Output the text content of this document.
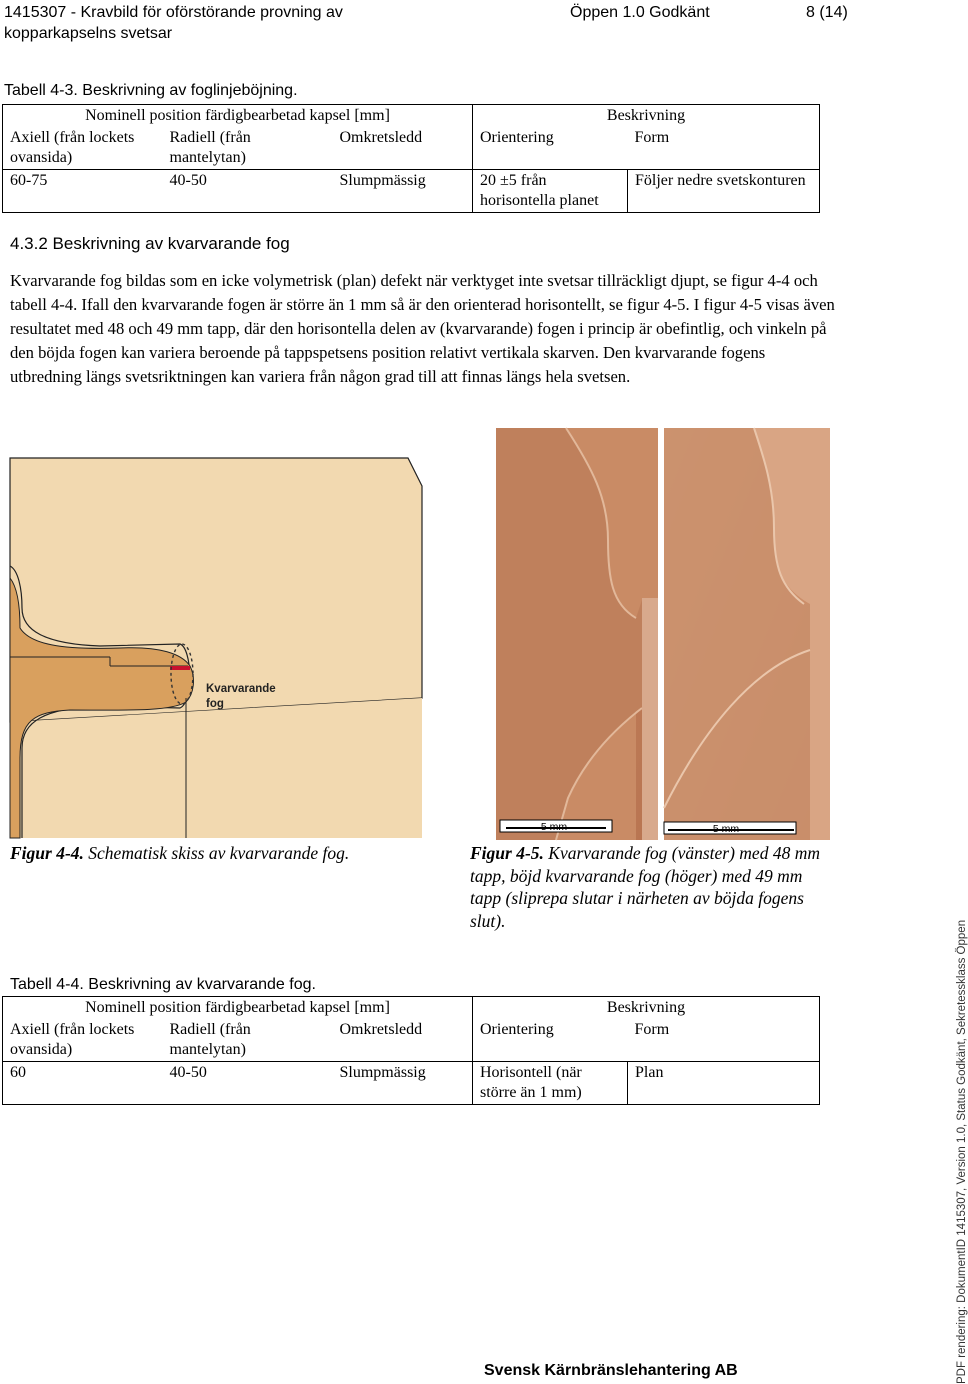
1415307 - Kravbild för oförstörande provning av
kopparkapselns svetsar
Öppen 1.0 Godkänt	8 (14)
Tabell 4-3. Beskrivning av foglinjeböjning.
Nominell position färdigbearbetad kapsel [mm]			Beskrivning	
Axiell (från lockets ovansida)	Radiell (från mantelytan)	Omkretsledd	Orientering	Form
60-75	40-50	Slumpmässig	20 ±5 från horisontella planet	Följer nedre svetskonturen
4.3.2 Beskrivning av kvarvarande fog
Kvarvarande fog bildas som en icke volymetrisk (plan) defekt när verktyget inte svetsar tillräckligt djupt, se figur 4-4 och tabell 4-4. Ifall den kvarvarande fogen är större än 1 mm så är den orienterad horisontellt, se figur 4-5. I figur 4-5 visas även resultatet med 48 och 49 mm tapp, där den horisontella delen av (kvarvarande) fogen i princip är obefintlig, och vinkeln på den böjda fogen kan variera beroende på tappspetsens position relativt vertikala skarven. Den kvarvarande fogens utbredning längs svetsriktningen kan variera från någon grad till att finnas längs hela svetsen.
Kvarvarande
fog
5 mm	5 mm
Figur 4-4. Schematisk skiss av kvarvarande fog.	Figur 4-5. Kvarvarande fog (vänster) med 48 mm tapp, böjd kvarvarande fog (höger) med 49 mm tapp (sliprepa slutar i närheten av böjda fogens slut).
Tabell 4-4. Beskrivning av kvarvarande fog.
Nominell position färdigbearbetad kapsel [mm]			Beskrivning	
Axiell (från lockets ovansida)	Radiell (från mantelytan)	Omkretsledd	Orientering	Form
60	40-50	Slumpmässig	Horisontell (när större än 1 mm)	Plan
Svensk Kärnbränslehantering AB	PDF rendering: DokumentID 1415307, Version 1.0, Status Godkänt, Sekretessklass Öppen
